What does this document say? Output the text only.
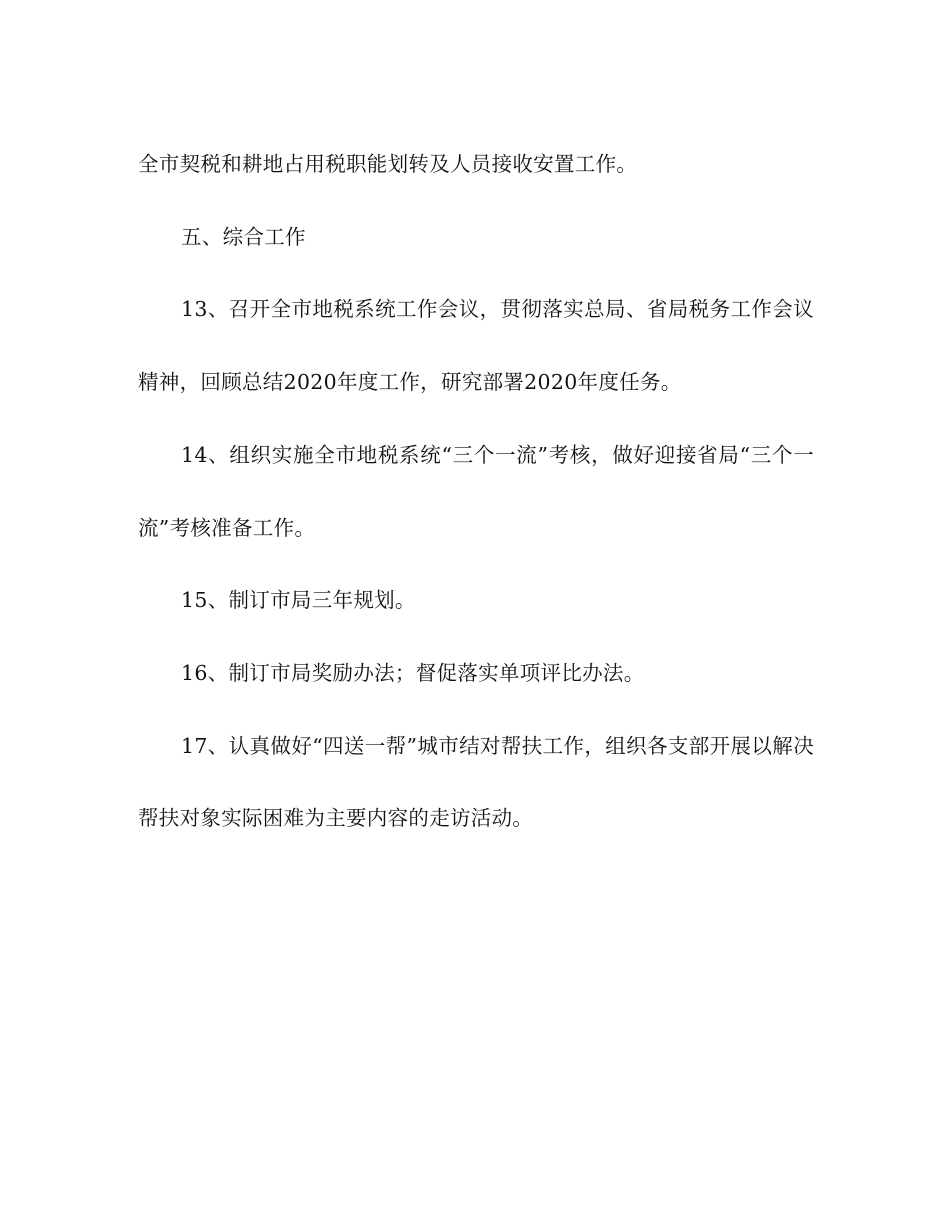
全市契税和耕地占用税职能划转及人员接收安置工作。

五、综合工作

13、召开全市地税系统工作会议，贯彻落实总局、省局税务工作会议精神，回顾总结2020年度工作，研究部署2020年度任务。

14、组织实施全市地税系统“三个一流”考核，做好迎接省局“三个一流”考核准备工作。

15、制订市局三年规划。

16、制订市局奖励办法；督促落实单项评比办法。

17、认真做好“四送一帮”城市结对帮扶工作，组织各支部开展以解决帮扶对象实际困难为主要内容的走访活动。
